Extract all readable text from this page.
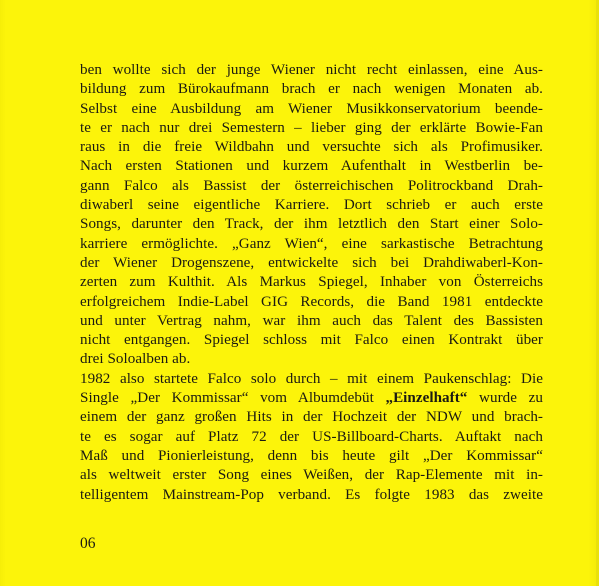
ben wollte sich der junge Wiener nicht recht einlassen, eine Aus-
bildung zum Bürokaufmann brach er nach wenigen Monaten ab.
Selbst eine Ausbildung am Wiener Musikkonservatorium beende-
te er nach nur drei Semestern – lieber ging der erklärte Bowie-Fan
raus in die freie Wildbahn und versuchte sich als Profimusiker.
Nach ersten Stationen und kurzem Aufenthalt in Westberlin be-
gann Falco als Bassist der österreichischen Politrockband Drah-
diwaberl seine eigentliche Karriere. Dort schrieb er auch erste
Songs, darunter den Track, der ihm letztlich den Start einer Solo-
karriere ermöglichte. „Ganz Wien“, eine sarkastische Betrachtung
der Wiener Drogenszene, entwickelte sich bei Drahdiwaberl-Kon-
zerten zum Kulthit. Als Markus Spiegel, Inhaber von Österreichs
erfolgreichem Indie-Label GIG Records, die Band 1981 entdeckte
und unter Vertrag nahm, war ihm auch das Talent des Bassisten
nicht entgangen. Spiegel schloss mit Falco einen Kontrakt über
drei Soloalben ab.
1982 also startete Falco solo durch – mit einem Paukenschlag: Die
Single „Der Kommissar“ vom Albumdebüt „Einzelhaft“ wurde zu
einem der ganz großen Hits in der Hochzeit der NDW und brach-
te es sogar auf Platz 72 der US-Billboard-Charts. Auftakt nach
Maß und Pionierleistung, denn bis heute gilt „Der Kommissar“
als weltweit erster Song eines Weißen, der Rap-Elemente mit in-
telligentem Mainstream-Pop verband. Es folgte 1983 das zweite
06
